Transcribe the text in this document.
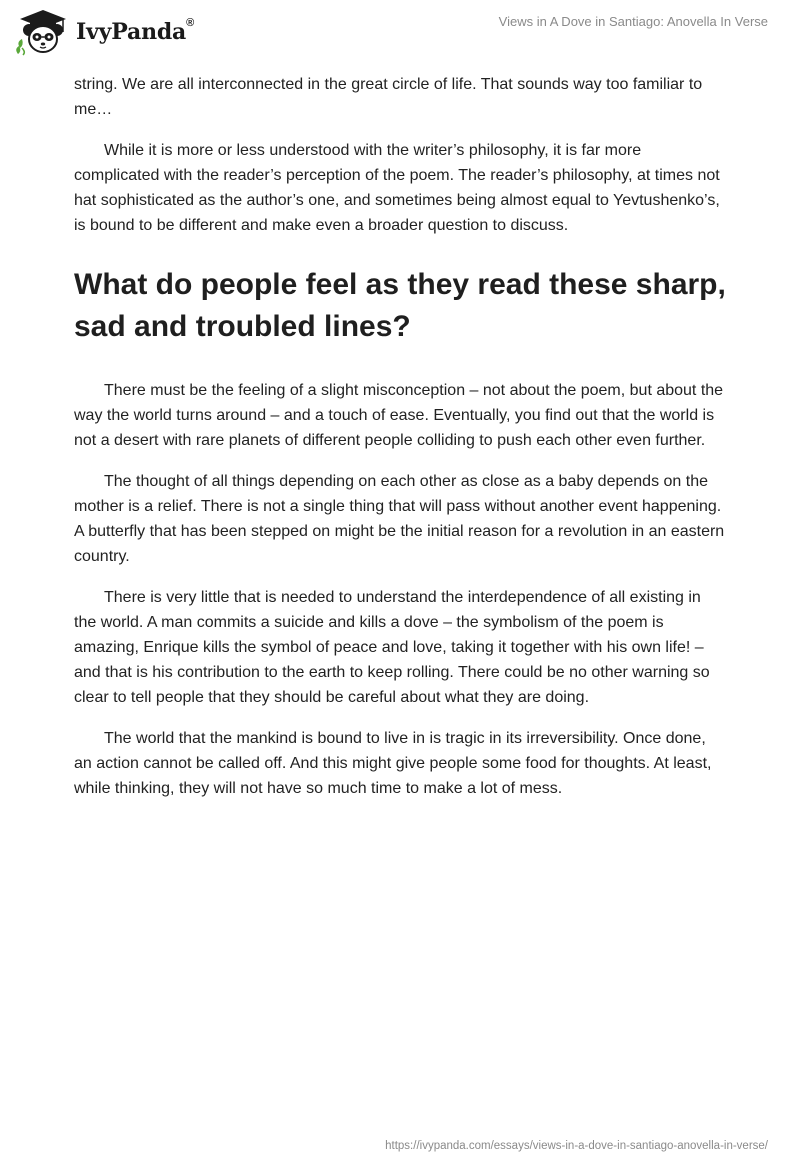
IvyPanda®	Views in A Dove in Santiago: Anovella In Verse

string. We are all interconnected in the great circle of life. That sounds way too familiar to me…

While it is more or less understood with the writer’s philosophy, it is far more complicated with the reader’s perception of the poem. The reader’s philosophy, at times not hat sophisticated as the author’s one, and sometimes being almost equal to Yevtushenko’s, is bound to be different and make even a broader question to discuss.

What do people feel as they read these sharp, sad and troubled lines?

There must be the feeling of a slight misconception – not about the poem, but about the way the world turns around – and a touch of ease. Eventually, you find out that the world is not a desert with rare planets of different people colliding to push each other even further.

The thought of all things depending on each other as close as a baby depends on the mother is a relief. There is not a single thing that will pass without another event happening. A butterfly that has been stepped on might be the initial reason for a revolution in an eastern country.

There is very little that is needed to understand the interdependence of all existing in the world. A man commits a suicide and kills a dove – the symbolism of the poem is amazing, Enrique kills the symbol of peace and love, taking it together with his own life! – and that is his contribution to the earth to keep rolling. There could be no other warning so clear to tell people that they should be careful about what they are doing.

The world that the mankind is bound to live in is tragic in its irreversibility. Once done, an action cannot be called off. And this might give people some food for thoughts. At least, while thinking, they will not have so much time to make a lot of mess.

https://ivypanda.com/essays/views-in-a-dove-in-santiago-anovella-in-verse/
